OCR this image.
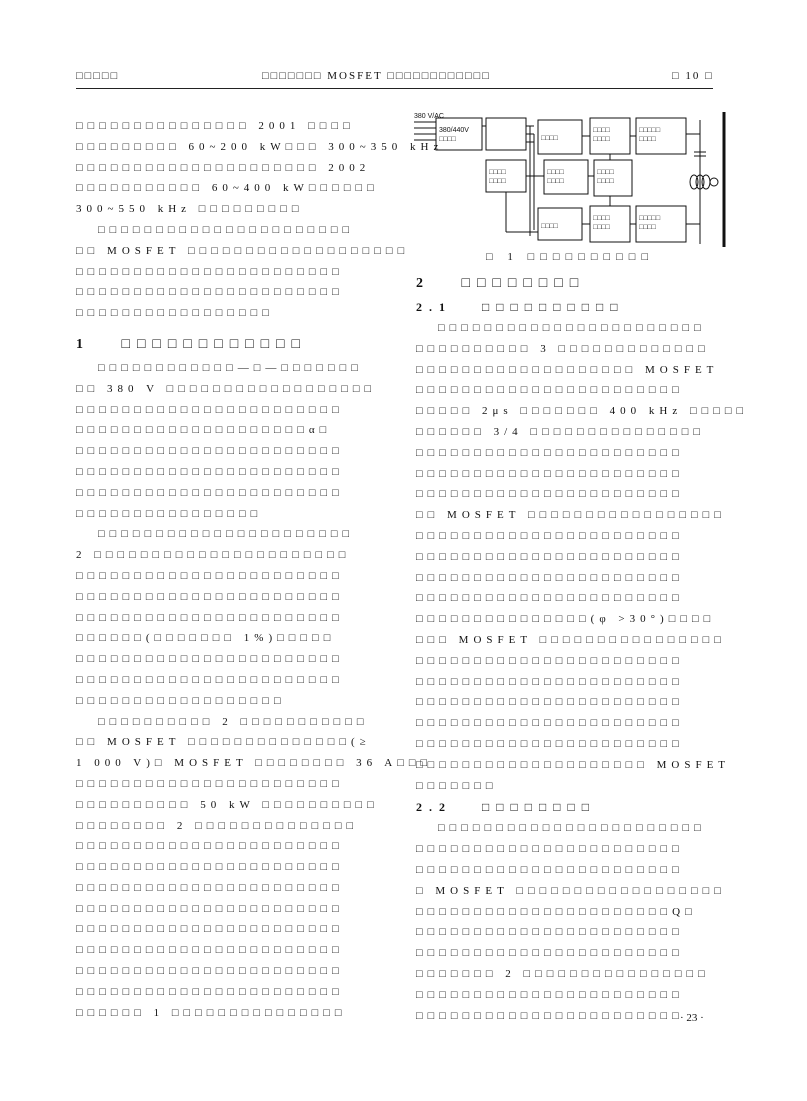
□□□□□	□□□□□□□ MOSFET □□□□□□□□□□□□	□ 10 □
□□□□□□□□□□□□□□□ 2001 □□□□
□□□□□□□□□ 60~200 kW□□□ 300~350 kHz
□□□□□□□□□□□□□□□□□□□□□ 2002
□□□□□□□□□□□ 60~400 kW□□□□□□
300~550 kHz □□□□□□□□□
□□□□□□□□□□□□□□□□□□□□□□
□□ MOSFET □□□□□□□□□□□□□□□□□□□
□□□□□□□□□□□□□□□□□□□□□□□
□□□□□□□□□□□□□□□□□□□□□□□
□□□□□□□□□□□□□□□□□
1 □□□□□□□□□□□□
□□□□□□□□□□□□—□—□□□□□□□
□□ 380 V □□□□□□□□□□□□□□□□□□
□□□□□□□□□□□□□□□□□□□□□□□
□□□□□□□□□□□□□□□□□□□□α□
□□□□□□□□□□□□□□□□□□□□□□□
□□□□□□□□□□□□□□□□□□□□□□□
□□□□□□□□□□□□□□□□□□□□□□□
□□□□□□□□□□□□□□□□
□□□□□□□□□□□□□□□□□□□□□□
2 □□□□□□□□□□□□□□□□□□□□□□
□□□□□□□□□□□□□□□□□□□□□□□
□□□□□□□□□□□□□□□□□□□□□□□
□□□□□□□□□□□□□□□□□□□□□□□
□□□□□□(□□□□□□□ 1%)□□□□□
□□□□□□□□□□□□□□□□□□□□□□□
□□□□□□□□□□□□□□□□□□□□□□□
□□□□□□□□□□□□□□□□□□
□□□□□□□□□□ 2 □□□□□□□□□□□
□□ MOSFET □□□□□□□□□□□□□□(≥
1 000 V)□ MOSFET □□□□□□□□ 36 A□□□
□□□□□□□□□□□□□□□□□□□□□□□
□□□□□□□□□□ 50 kW □□□□□□□□□□
□□□□□□□□ 2 □□□□□□□□□□□□□□
□□□□□□□□□□□□□□□□□□□□□□□
□□□□□□□□□□□□□□□□□□□□□□□
□□□□□□□□□□□□□□□□□□□□□□□
□□□□□□□□□□□□□□□□□□□□□□□
□□□□□□□□□□□□□□□□□□□□□□□
□□□□□□□□□□□□□□□□□□□□□□□
□□□□□□□□□□□□□□□□□□□□□□□
□□□□□□□□□□□□□□□□□□□□□□□
□□□□□□ 1 □□□□□□□□□□□□□□□
380 V/AC
380/440V □□□□	□□□□
□□□□ □□□□
□□□□□ □□□□
□□□□ □□□□
□□□□ □□□□
□□□□ □□□□
□□□□
□□□□ □□□□
□□□□□ □□□□
□ 1 □□□□□□□□□□
2 □□□□□□□□
2.1	□□□□□□□□□□
□□□□□□□□□□□□□□□□□□□□□□□
□□□□□□□□□□ 3 □□□□□□□□□□□□□
□□□□□□□□□□□□□□□□□□□ MOSFET
□□□□□□□□□□□□□□□□□□□□□□□
□□□□□ 2μs □□□□□□□ 400 kHz □□□□□
□□□□□□ 3/4 □□□□□□□□□□□□□□□
□□□□□□□□□□□□□□□□□□□□□□□
□□□□□□□□□□□□□□□□□□□□□□□
□□□□□□□□□□□□□□□□□□□□□□□
□□ MOSFET □□□□□□□□□□□□□□□□□
□□□□□□□□□□□□□□□□□□□□□□□
□□□□□□□□□□□□□□□□□□□□□□□
□□□□□□□□□□□□□□□□□□□□□□□
□□□□□□□□□□□□□□□□□□□□□□□
□□□□□□□□□□□□□□□(φ >30°)□□□□
□□□ MOSFET □□□□□□□□□□□□□□□□
□□□□□□□□□□□□□□□□□□□□□□□
□□□□□□□□□□□□□□□□□□□□□□□
□□□□□□□□□□□□□□□□□□□□□□□
□□□□□□□□□□□□□□□□□□□□□□□
□□□□□□□□□□□□□□□□□□□□□□□
□□□□□□□□□□□□□□□□□□□□ MOSFET
□□□□□□□
2.2	□□□□□□□□
□□□□□□□□□□□□□□□□□□□□□□□
□□□□□□□□□□□□□□□□□□□□□□□
□□□□□□□□□□□□□□□□□□□□□□□
□ MOSFET □□□□□□□□□□□□□□□□□□
□□□□□□□□□□□□□□□□□□□□□□Q□
□□□□□□□□□□□□□□□□□□□□□□□
□□□□□□□□□□□□□□□□□□□□□□□
□□□□□□□ 2 □□□□□□□□□□□□□□□□
□□□□□□□□□□□□□□□□□□□□□□□
□□□□□□□□□□□□□□□□□□□□□□□
· 23 ·
